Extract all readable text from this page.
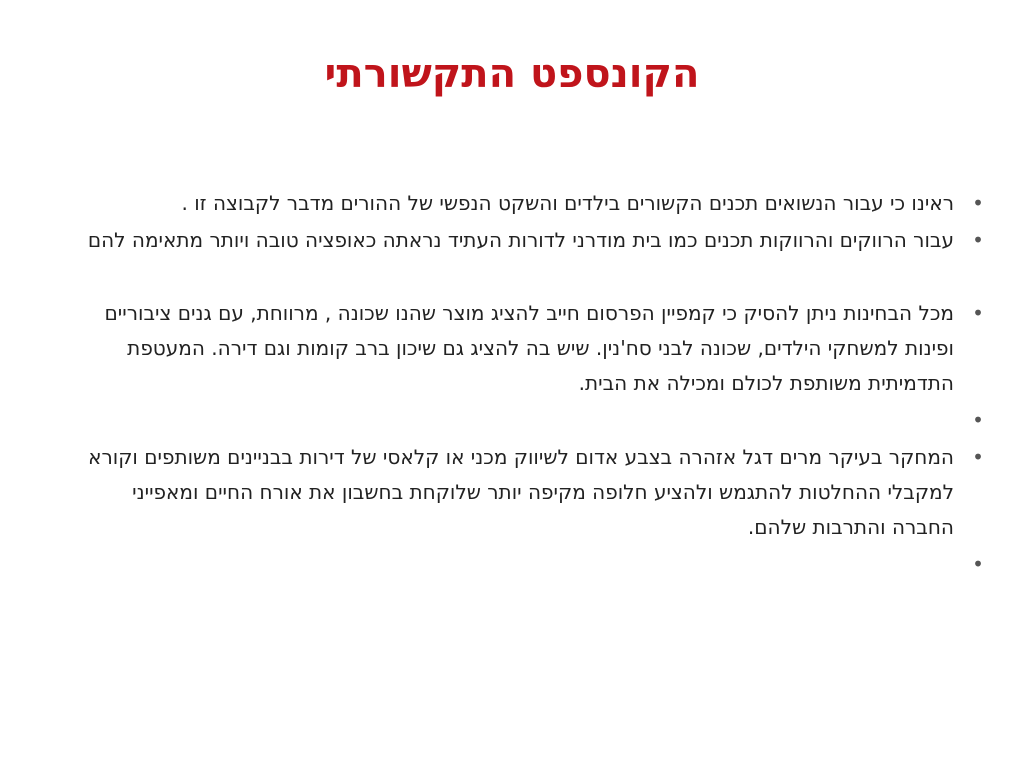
הקונספט התקשורתי
•
ראינו כי עבור הנשואים תכנים הקשורים בילדים והשקט הנפשי של ההורים מדבר לקבוצה זו .
•
עבור הרווקים והרווקות תכנים כמו בית מודרני לדורות העתיד נראתה כאופציה טובה ויותר מתאימה להם
•
מכל הבחינות ניתן להסיק כי קמפיין הפרסום חייב להציג מוצר שהנו שכונה , מרווחת, עם גנים ציבוריים ופינות למשחקי הילדים, שכונה לבני סח'נין. שיש בה להציג גם שיכון ברב קומות וגם דירה. המעטפת התדמיתית משותפת לכולם ומכילה את הבית.
•
•
המחקר בעיקר מרים דגל אזהרה בצבע אדום לשיווק מכני או קלאסי של דירות בבניינים משותפים וקורא למקבלי ההחלטות להתגמש ולהציע חלופה מקיפה יותר שלוקחת בחשבון את אורח החיים ומאפייני החברה והתרבות שלהם.
•
